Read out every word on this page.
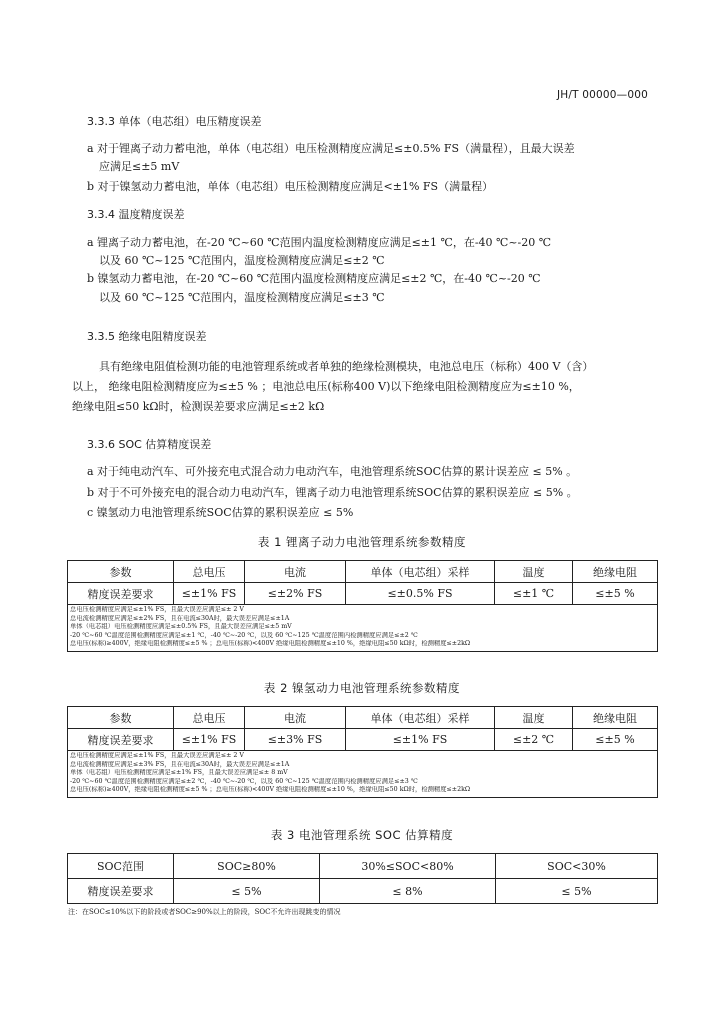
JH/T 00000—000
3.3.3 单体（电芯组）电压精度误差
a 对于锂离子动力蓄电池，单体（电芯组）电压检测精度应满足≤±0.5% FS（满量程），且最大误差
应满足≤±5 mV
b 对于镍氢动力蓄电池，单体（电芯组）电压检测精度应满足<±1% FS（满量程）
3.3.4 温度精度误差
a 锂离子动力蓄电池，在-20 ℃~60 ℃范围内温度检测精度应满足≤±1 ℃，在-40 ℃~-20 ℃
以及 60 ℃~125 ℃范围内，温度检测精度应满足≤±2 ℃
b 镍氢动力蓄电池，在-20 ℃~60 ℃范围内温度检测精度应满足≤±2 ℃，在-40 ℃~-20 ℃
以及 60 ℃~125 ℃范围内，温度检测精度应满足≤±3 ℃
3.3.5 绝缘电阻精度误差
具有绝缘电阻值检测功能的电池管理系统或者单独的绝缘检测模块，电池总电压（标称）400 V（含）
以上， 绝缘电阻检测精度应为≤±5 % ；电池总电压(标称400 V)以下绝缘电阻检测精度应为≤±10 %，
绝缘电阻≤50 kΩ时，检测误差要求应满足≤±2 kΩ
3.3.6 SOC 估算精度误差
a 对于纯电动汽车、可外接充电式混合动力电动汽车，电池管理系统SOC估算的累计误差应 ≤ 5% 。
b 对于不可外接充电的混合动力电动汽车，锂离子动力电池管理系统SOC估算的累积误差应 ≤ 5% 。
c 镍氢动力电池管理系统SOC估算的累积误差应 ≤ 5%
表 1 锂离子动力电池管理系统参数精度
参数	总电压	电流	单体（电芯组）采样	温度	绝缘电阻
精度误差要求	≤±1% FS	≤±2% FS	≤±0.5% FS	≤±1 ℃	≤±5 %

总电压检测精度应满足≤±1% FS，且最大误差应满足≤± 2 V
总电流检测精度应满足≤±2% FS，且在电流≤30A时，最大误差应满足≤±1A
单体（电芯组）电压检测精度应满足≤±0.5% FS，且最大误差应满足≤±5 mV
-20 ℃~60 ℃温度范围检测精度应满足≤±1 ℃，-40 ℃~-20 ℃，以及 60 ℃~125 ℃温度范围内检测精度应满足≤±2 ℃
总电压(标称)≥400V，绝缘电阻检测精度≤±5 % ；总电压(标称)<400V 绝缘电阻检测精度≤±10 %，绝缘电阻≤50 kΩ时，检测精度≤±2kΩ					
表 2 镍氢动力电池管理系统参数精度
参数	总电压	电流	单体（电芯组）采样	温度	绝缘电阻
精度误差要求	≤±1% FS	≤±3% FS	≤±1% FS	≤±2 ℃	≤±5 %

总电压检测精度应满足≤±1% FS，且最大误差应满足≤± 2 V
总电流检测精度应满足≤±3% FS，且在电流≤30A时，最大误差应满足≤±1A
单体（电芯组）电压检测精度应满足≤±1% FS，且最大误差应满足≤± 8 mV
-20 ℃~60 ℃温度范围检测精度应满足≤±2 ℃，-40 ℃~-20 ℃，以及 60 ℃~125 ℃温度范围内检测精度应满足≤±3 ℃
总电压(标称)≥400V，绝缘电阻检测精度≤±5 % ；总电压(标称)<400V 绝缘电阻检测精度≤±10 %，绝缘电阻≤50 kΩ时，检测精度≤±2kΩ					
表 3 电池管理系统 SOC 估算精度
SOC范围	SOC≥80%	30%≤SOC<80%	SOC<30%
精度误差要求	≤ 5%	≤ 8%	≤ 5%
注：在SOC≤10%以下的阶段或者SOC≥90%以上的阶段，SOC不允许出现跳变的情况
